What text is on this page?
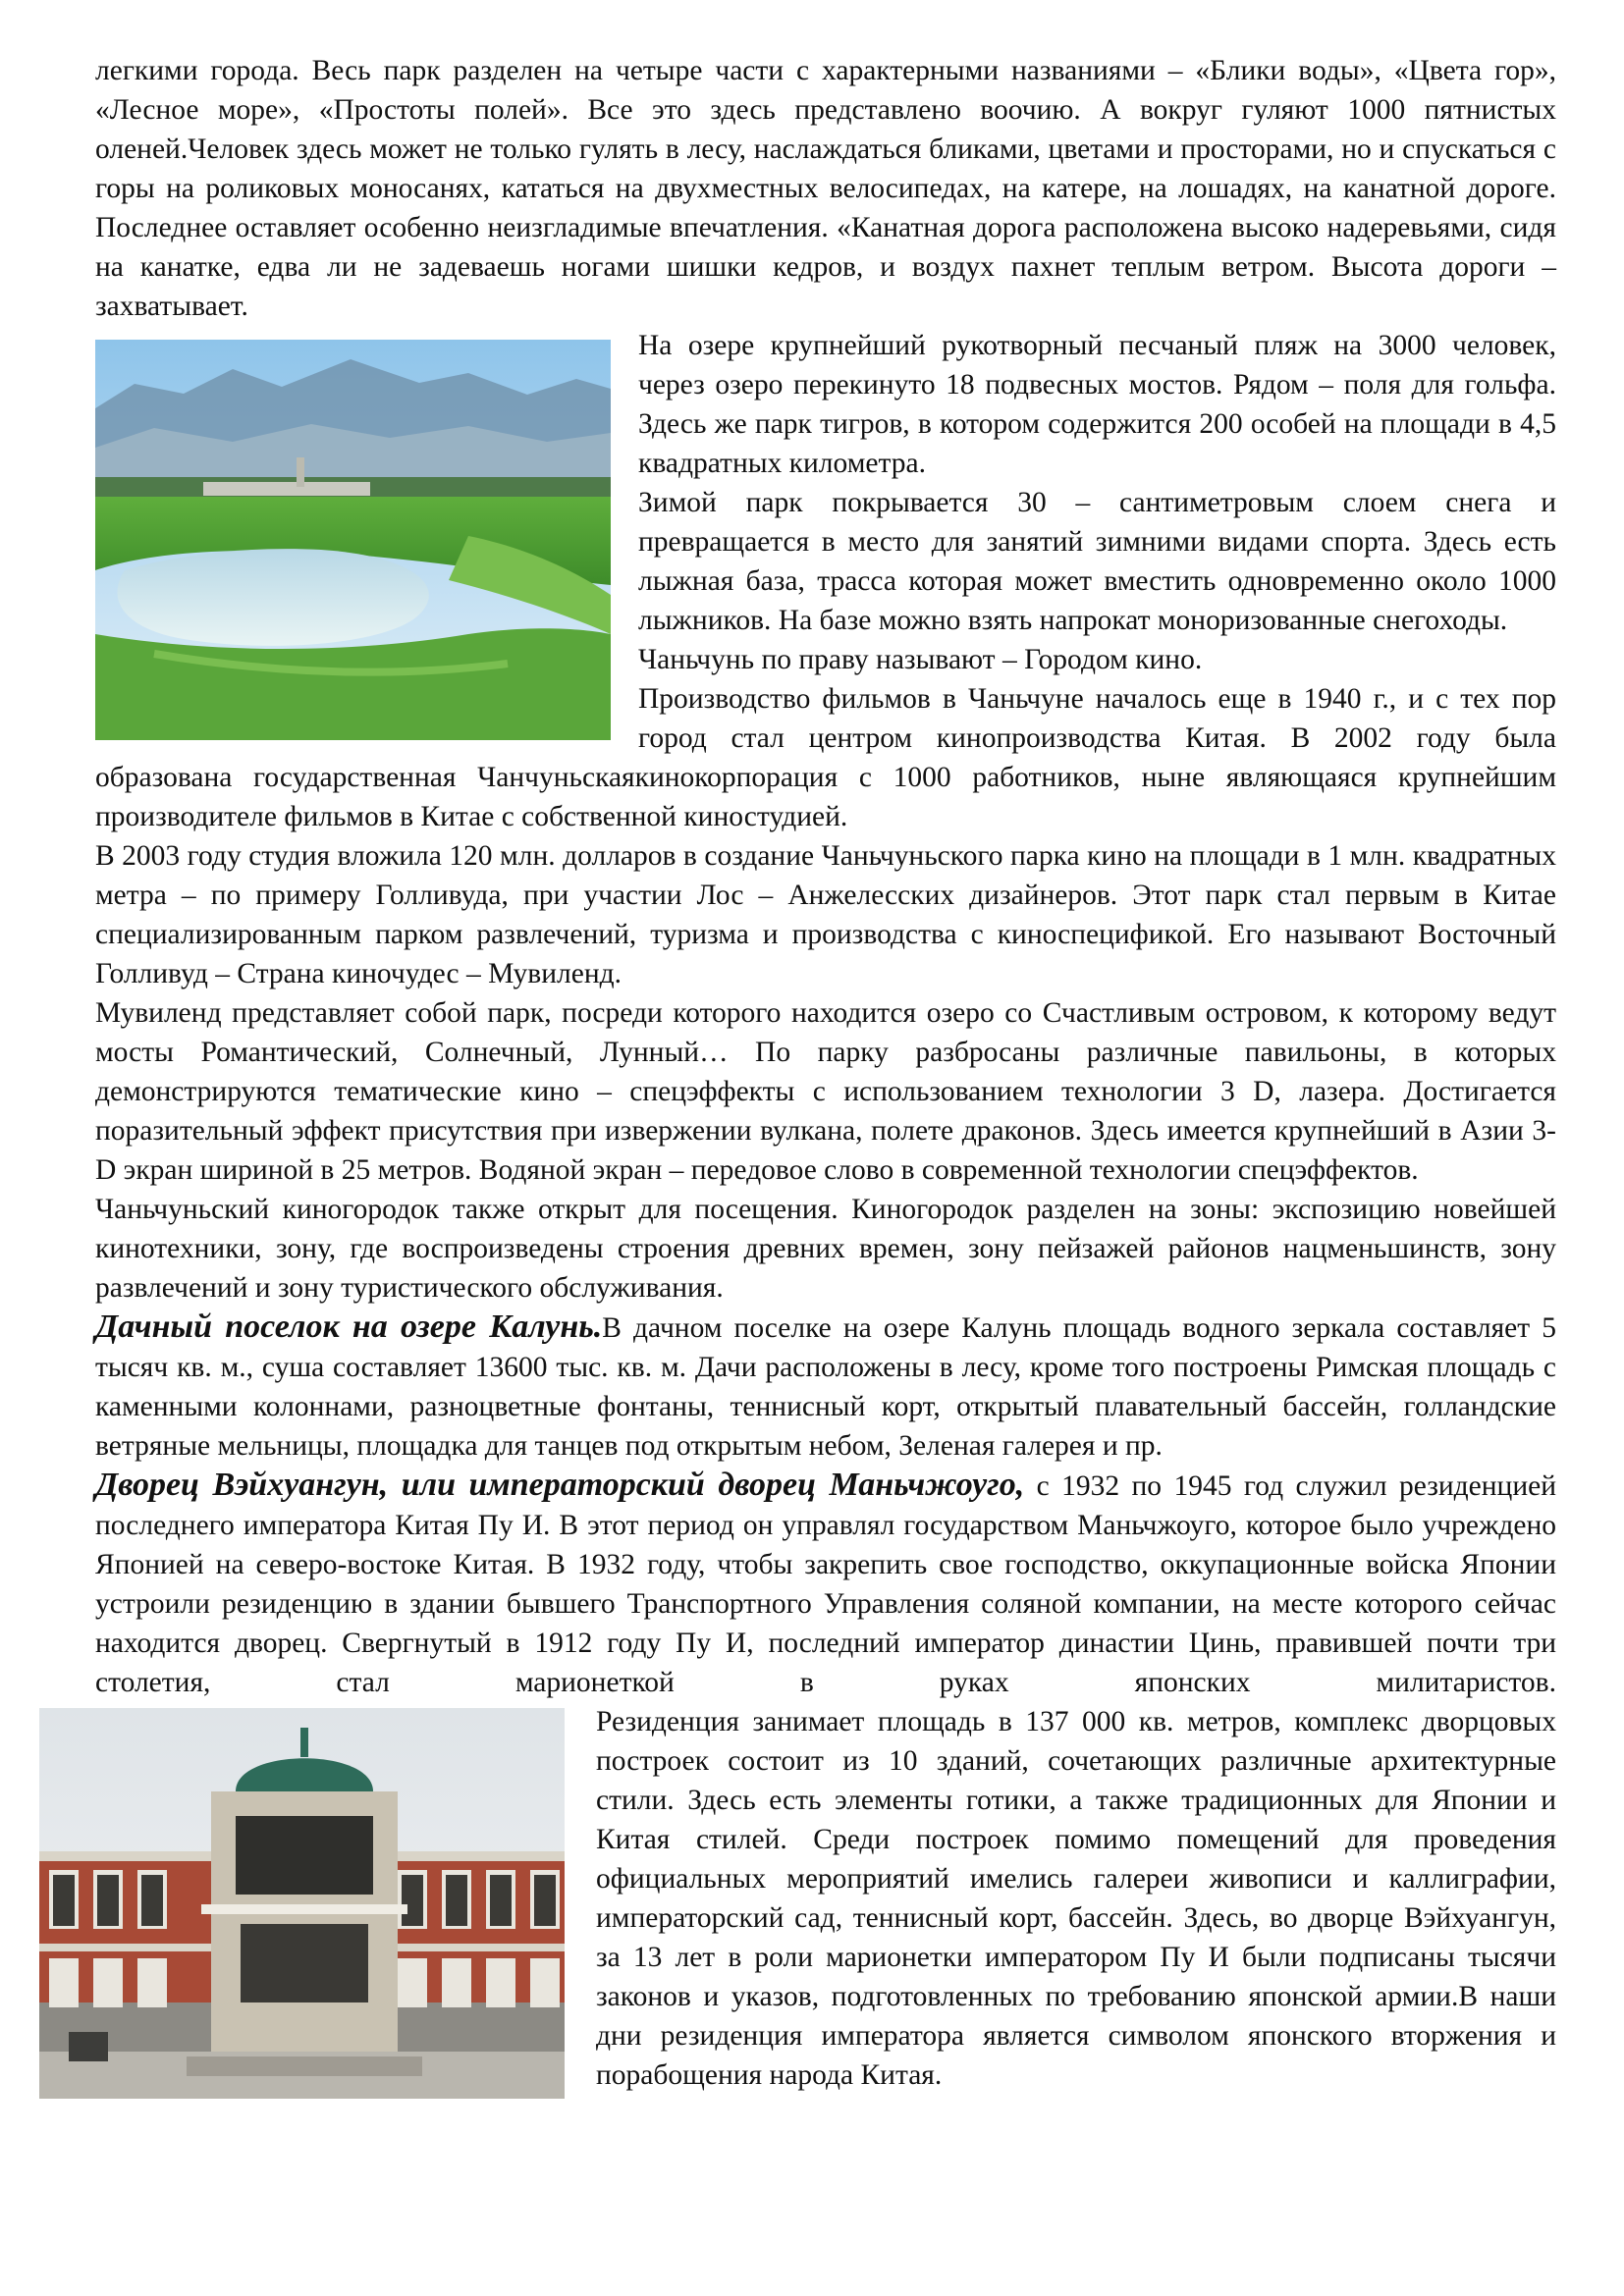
легкими города. Весь парк разделен на четыре части с характерными названиями – «Блики воды», «Цвета гор», «Лесное море», «Простоты полей». Все это здесь представлено воочию. А вокруг гуляют 1000 пятнистых оленей.Человек здесь может не только гулять в лесу, наслаждаться бликами, цветами и просторами, но и спускаться с горы на роликовых моносанях, кататься на двухместных велосипедах, на катере, на лошадях, на канатной дороге. Последнее оставляет особенно неизгладимые впечатления. «Канатная дорога расположена высоко надеревьями, сидя на канатке, едва ли не задеваешь ногами шишки кедров, и воздух пахнет теплым ветром. Высота дороги – захватывает.

На озере крупнейший рукотворный песчаный пляж на 3000 человек, через озеро перекинуто 18 подвесных мостов. Рядом – поля для гольфа. Здесь же парк тигров, в котором содержится 200 особей на площади в 4,5 квадратных километра.

Зимой парк покрывается 30 – сантиметровым слоем снега и превращается в место для занятий зимними видами спорта. Здесь есть лыжная база, трасса которая может вместить одновременно около 1000 лыжников. На базе можно взять напрокат моноризованные снегоходы.

Чаньчунь по праву называют – Городом кино.

Производство фильмов в Чаньчуне началось еще в 1940 г., и с тех пор город стал центром кинопроизводства Китая. В 2002 году была образована государственная Чанчуньскаякинокорпорация с 1000 работников, ныне являющаяся крупнейшим производителе фильмов в Китае с собственной киностудией.

В 2003 году студия вложила 120 млн. долларов в создание Чаньчуньского парка кино на площади в 1 млн. квадратных метра – по примеру Голливуда, при участии Лос – Анжелесских дизайнеров. Этот парк стал первым в Китае специализированным парком развлечений, туризма и производства с киноспецификой. Его называют Восточный Голливуд – Страна киночудес – Мувиленд.

Мувиленд представляет собой парк, посреди которого находится озеро со Счастливым островом, к которому ведут мосты Романтический, Солнечный, Лунный… По парку разбросаны различные павильоны, в которых демонстрируются тематические кино – спецэффекты с использованием технологии 3 D, лазера. Достигается поразительный эффект присутствия при извержении вулкана, полете драконов. Здесь имеется крупнейший в Азии 3- D экран шириной в 25 метров. Водяной экран – передовое слово в современной технологии спецэффектов.

Чаньчуньский киногородок также открыт для посещения. Киногородок разделен на зоны: экспозицию новейшей кинотехники, зону, где воспроизведены строения древних времен, зону пейзажей районов нацменьшинств, зону развлечений и зону туристического обслуживания.

Дачный поселок на озере Калунь.В дачном поселке на озере Калунь площадь водного зеркала составляет 5 тысяч кв. м., суша составляет 13600 тыс. кв. м. Дачи расположены в лесу, кроме того построены Римская площадь с каменными колоннами, разноцветные фонтаны, теннисный корт, открытый плавательный бассейн, голландские ветряные мельницы, площадка для танцев под открытым небом, Зеленая галерея и пр.

Дворец Вэйхуангун, или императорский дворец Маньчжоуго, с 1932 по 1945 год служил резиденцией последнего императора Китая Пу И. В этот период он управлял государством Маньчжоуго, которое было учреждено Японией на северо-востоке Китая. В 1932 году, чтобы закрепить свое господство, оккупационные войска Японии устроили резиденцию в здании бывшего Транспортного Управления соляной компании, на месте которого сейчас находится дворец. Свергнутый в 1912 году Пу И, последний император династии Цинь, правившей почти три столетия, стал марионеткой в руках японских милитаристов.

Резиденция занимает площадь в 137 000 кв. метров, комплекс дворцовых построек состоит из 10 зданий, сочетающих различные архитектурные стили. Здесь есть элементы готики, а также традиционных для Японии и Китая стилей. Среди построек помимо помещений для проведения официальных мероприятий имелись галереи живописи и каллиграфии, императорский сад, теннисный корт, бассейн. Здесь, во дворце Вэйхуангун, за 13 лет в роли марионетки императором Пу И были подписаны тысячи законов и указов, подготовленных по требованию японской армии.В наши дни резиденция императора является символом японского вторжения и порабощения народа Китая.
